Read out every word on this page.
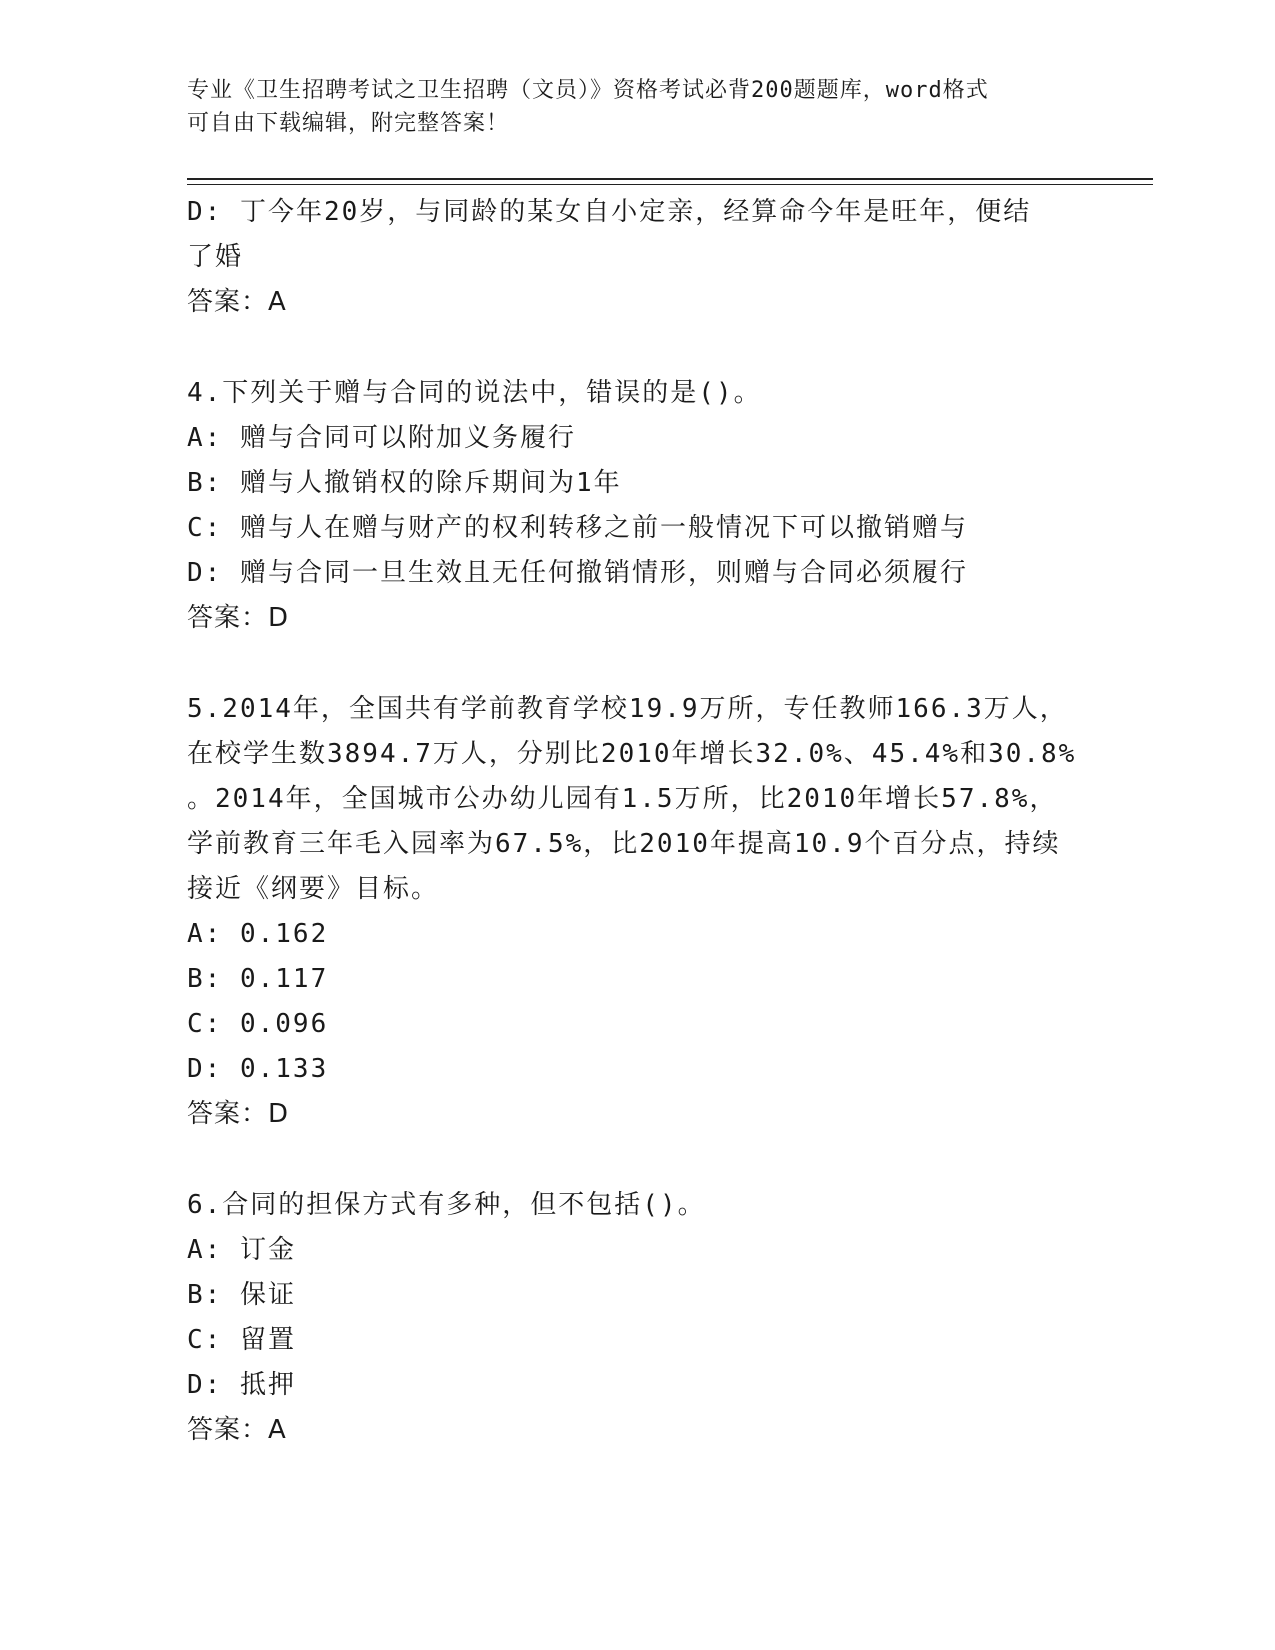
专业《卫生招聘考试之卫生招聘（文员）》资格考试必背200题题库，word格式
可自由下载编辑，附完整答案！
D: 丁今年20岁，与同龄的某女自小定亲，经算命今年是旺年，便结
了婚
答案：A
4.下列关于赠与合同的说法中，错误的是()。
A: 赠与合同可以附加义务履行
B: 赠与人撤销权的除斥期间为1年
C: 赠与人在赠与财产的权利转移之前一般情况下可以撤销赠与
D: 赠与合同一旦生效且无任何撤销情形，则赠与合同必须履行
答案：D
5.2014年，全国共有学前教育学校19.9万所，专任教师166.3万人，
在校学生数3894.7万人，分别比2010年增长32.0%、45.4%和30.8%
。2014年，全国城市公办幼儿园有1.5万所，比2010年增长57.8%，
学前教育三年毛入园率为67.5%，比2010年提高10.9个百分点，持续
接近《纲要》目标。
A: 0.162
B: 0.117
C: 0.096
D: 0.133
答案：D
6.合同的担保方式有多种，但不包括()。
A: 订金
B: 保证
C: 留置
D: 抵押
答案：A
